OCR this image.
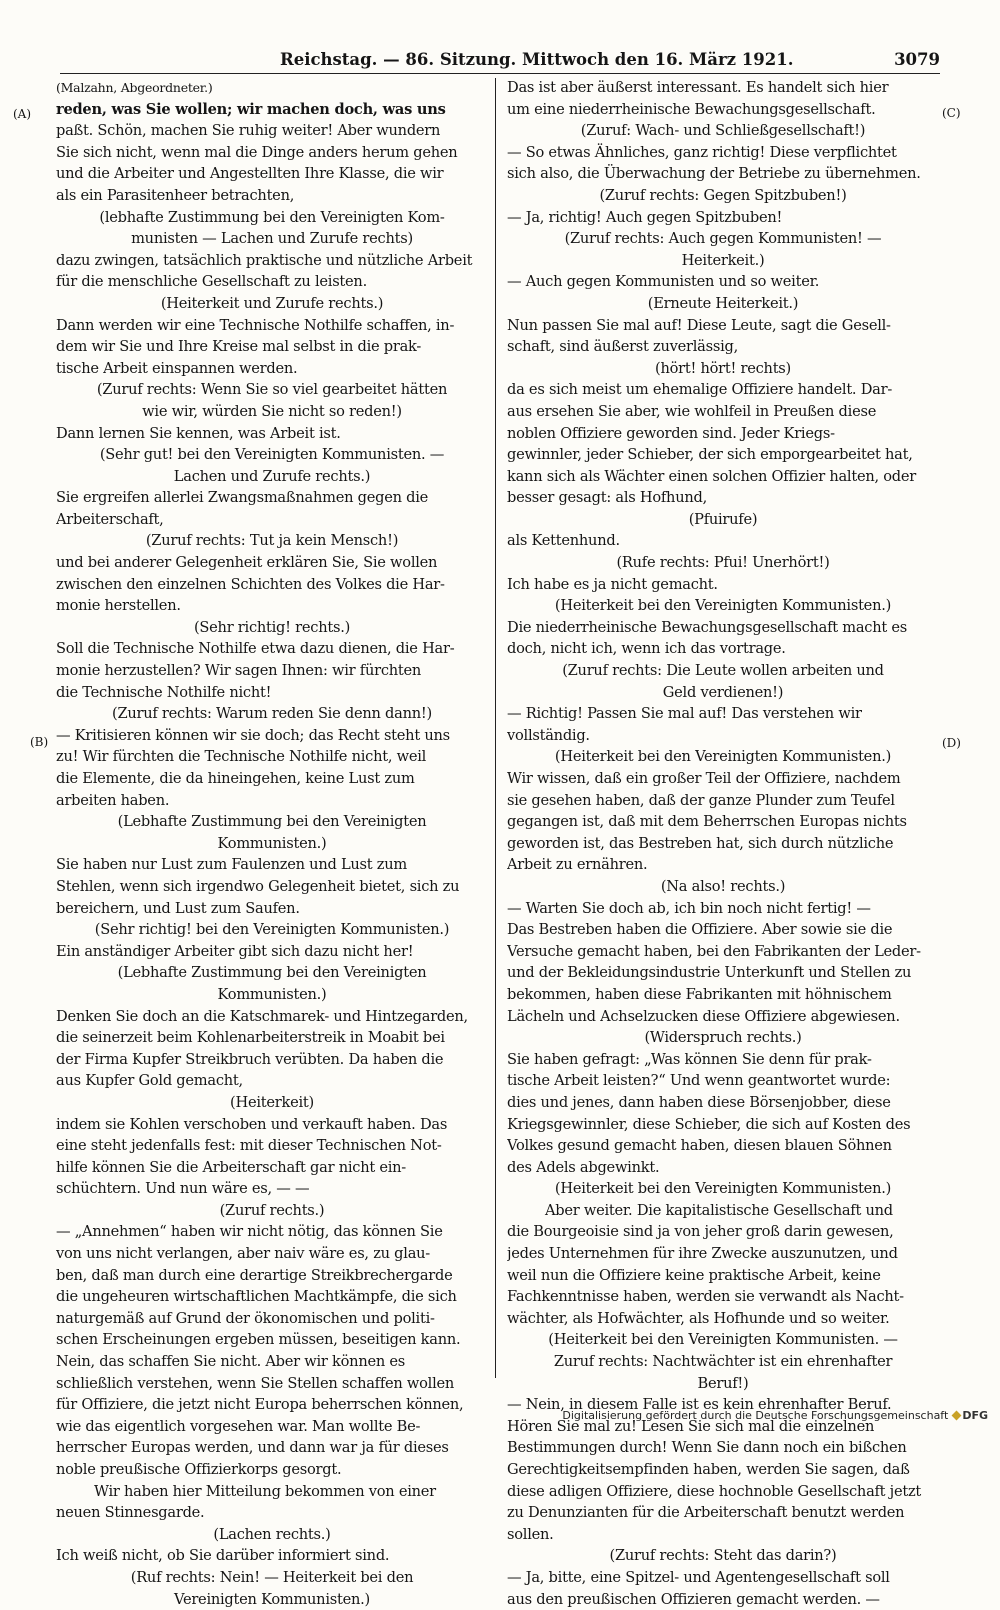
Reichstag. — 86. Sitzung. Mittwoch den 16. März 1921.	3079
(Malzahn, Abgeordneter.)
reden, was Sie wollen; wir machen doch, was uns
paßt. Schön, machen Sie ruhig weiter! Aber wundern
Sie sich nicht, wenn mal die Dinge anders herum gehen
und die Arbeiter und Angestellten Ihre Klasse, die wir
als ein Parasitenheer betrachten,
(lebhafte Zustimmung bei den Vereinigten Kom-
munisten — Lachen und Zurufe rechts)
dazu zwingen, tatsächlich praktische und nützliche Arbeit
für die menschliche Gesellschaft zu leisten.
(Heiterkeit und Zurufe rechts.)
Dann werden wir eine Technische Nothilfe schaffen, in-
dem wir Sie und Ihre Kreise mal selbst in die prak-
tische Arbeit einspannen werden.
(Zuruf rechts: Wenn Sie so viel gearbeitet hätten
wie wir, würden Sie nicht so reden!)
Dann lernen Sie kennen, was Arbeit ist.
(Sehr gut! bei den Vereinigten Kommunisten. —
Lachen und Zurufe rechts.)
Sie ergreifen allerlei Zwangsmaßnahmen gegen die
Arbeiterschaft,
(Zuruf rechts: Tut ja kein Mensch!)
und bei anderer Gelegenheit erklären Sie, Sie wollen
zwischen den einzelnen Schichten des Volkes die Har-
monie herstellen.
(Sehr richtig! rechts.)
Soll die Technische Nothilfe etwa dazu dienen, die Har-
monie herzustellen? Wir sagen Ihnen: wir fürchten
die Technische Nothilfe nicht!
(Zuruf rechts: Warum reden Sie denn dann!)
— Kritisieren können wir sie doch; das Recht steht uns
zu! Wir fürchten die Technische Nothilfe nicht, weil
die Elemente, die da hineingehen, keine Lust zum
arbeiten haben.
(Lebhafte Zustimmung bei den Vereinigten
Kommunisten.)
Sie haben nur Lust zum Faulenzen und Lust zum
Stehlen, wenn sich irgendwo Gelegenheit bietet, sich zu
bereichern, und Lust zum Saufen.
(Sehr richtig! bei den Vereinigten Kommunisten.)
Ein anständiger Arbeiter gibt sich dazu nicht her!
(Lebhafte Zustimmung bei den Vereinigten
Kommunisten.)
Denken Sie doch an die Katschmarek- und Hintzegarden,
die seinerzeit beim Kohlenarbeiterstreik in Moabit bei
der Firma Kupfer Streikbruch verübten. Da haben die
aus Kupfer Gold gemacht,
(Heiterkeit)
indem sie Kohlen verschoben und verkauft haben. Das
eine steht jedenfalls fest: mit dieser Technischen Not-
hilfe können Sie die Arbeiterschaft gar nicht ein-
schüchtern. Und nun wäre es, — —
(Zuruf rechts.)
— „Annehmen“ haben wir nicht nötig, das können Sie
von uns nicht verlangen, aber naiv wäre es, zu glau-
ben, daß man durch eine derartige Streikbrechergarde
die ungeheuren wirtschaftlichen Machtkämpfe, die sich
naturgemäß auf Grund der ökonomischen und politi-
schen Erscheinungen ergeben müssen, beseitigen kann.
Nein, das schaffen Sie nicht. Aber wir können es
schließlich verstehen, wenn Sie Stellen schaffen wollen
für Offiziere, die jetzt nicht Europa beherrschen können,
wie das eigentlich vorgesehen war. Man wollte Be-
herrscher Europas werden, und dann war ja für dieses
noble preußische Offizierkorps gesorgt.
Wir haben hier Mitteilung bekommen von einer
neuen Stinnesgarde.
(Lachen rechts.)
Ich weiß nicht, ob Sie darüber informiert sind.
(Ruf rechts: Nein! — Heiterkeit bei den
Vereinigten Kommunisten.)
Das ist aber äußerst interessant. Es handelt sich hier
um eine niederrheinische Bewachungsgesellschaft.
(Zuruf: Wach- und Schließgesellschaft!)
— So etwas Ähnliches, ganz richtig! Diese verpflichtet
sich also, die Überwachung der Betriebe zu übernehmen.
(Zuruf rechts: Gegen Spitzbuben!)
— Ja, richtig! Auch gegen Spitzbuben!
(Zuruf rechts: Auch gegen Kommunisten! —
Heiterkeit.)
— Auch gegen Kommunisten und so weiter.
(Erneute Heiterkeit.)
Nun passen Sie mal auf! Diese Leute, sagt die Gesell-
schaft, sind äußerst zuverlässig,
(hört! hört! rechts)
da es sich meist um ehemalige Offiziere handelt. Dar-
aus ersehen Sie aber, wie wohlfeil in Preußen diese
noblen Offiziere geworden sind. Jeder Kriegs-
gewinnler, jeder Schieber, der sich emporgearbeitet hat,
kann sich als Wächter einen solchen Offizier halten, oder
besser gesagt: als Hofhund,
(Pfuirufe)
als Kettenhund.
(Rufe rechts: Pfui! Unerhört!)
Ich habe es ja nicht gemacht.
(Heiterkeit bei den Vereinigten Kommunisten.)
Die niederrheinische Bewachungsgesellschaft macht es
doch, nicht ich, wenn ich das vortrage.
(Zuruf rechts: Die Leute wollen arbeiten und
Geld verdienen!)
— Richtig! Passen Sie mal auf! Das verstehen wir
vollständig.
(Heiterkeit bei den Vereinigten Kommunisten.)
Wir wissen, daß ein großer Teil der Offiziere, nachdem
sie gesehen haben, daß der ganze Plunder zum Teufel
gegangen ist, daß mit dem Beherrschen Europas nichts
geworden ist, das Bestreben hat, sich durch nützliche
Arbeit zu ernähren.
(Na also! rechts.)
— Warten Sie doch ab, ich bin noch nicht fertig! —
Das Bestreben haben die Offiziere. Aber sowie sie die
Versuche gemacht haben, bei den Fabrikanten der Leder-
und der Bekleidungsindustrie Unterkunft und Stellen zu
bekommen, haben diese Fabrikanten mit höhnischem
Lächeln und Achselzucken diese Offiziere abgewiesen.
(Widerspruch rechts.)
Sie haben gefragt: „Was können Sie denn für prak-
tische Arbeit leisten?“ Und wenn geantwortet wurde:
dies und jenes, dann haben diese Börsenjobber, diese
Kriegsgewinnler, diese Schieber, die sich auf Kosten des
Volkes gesund gemacht haben, diesen blauen Söhnen
des Adels abgewinkt.
(Heiterkeit bei den Vereinigten Kommunisten.)
Aber weiter. Die kapitalistische Gesellschaft und
die Bourgeoisie sind ja von jeher groß darin gewesen,
jedes Unternehmen für ihre Zwecke auszunutzen, und
weil nun die Offiziere keine praktische Arbeit, keine
Fachkenntnisse haben, werden sie verwandt als Nacht-
wächter, als Hofwächter, als Hofhunde und so weiter.
(Heiterkeit bei den Vereinigten Kommunisten. —
Zuruf rechts: Nachtwächter ist ein ehrenhafter
Beruf!)
— Nein, in diesem Falle ist es kein ehrenhafter Beruf.
Hören Sie mal zu! Lesen Sie sich mal die einzelnen
Bestimmungen durch! Wenn Sie dann noch ein bißchen
Gerechtigkeitsempfinden haben, werden Sie sagen, daß
diese adligen Offiziere, diese hochnoble Gesellschaft jetzt
zu Denunzianten für die Arbeiterschaft benutzt werden
sollen.
(Zuruf rechts: Steht das darin?)
— Ja, bitte, eine Spitzel- und Agentengesellschaft soll
aus den preußischen Offizieren gemacht werden. —
(A)
(B)
(C)
(D)
Digitalisierung gefördert durch die Deutsche Forschungsgemeinschaft DFG
